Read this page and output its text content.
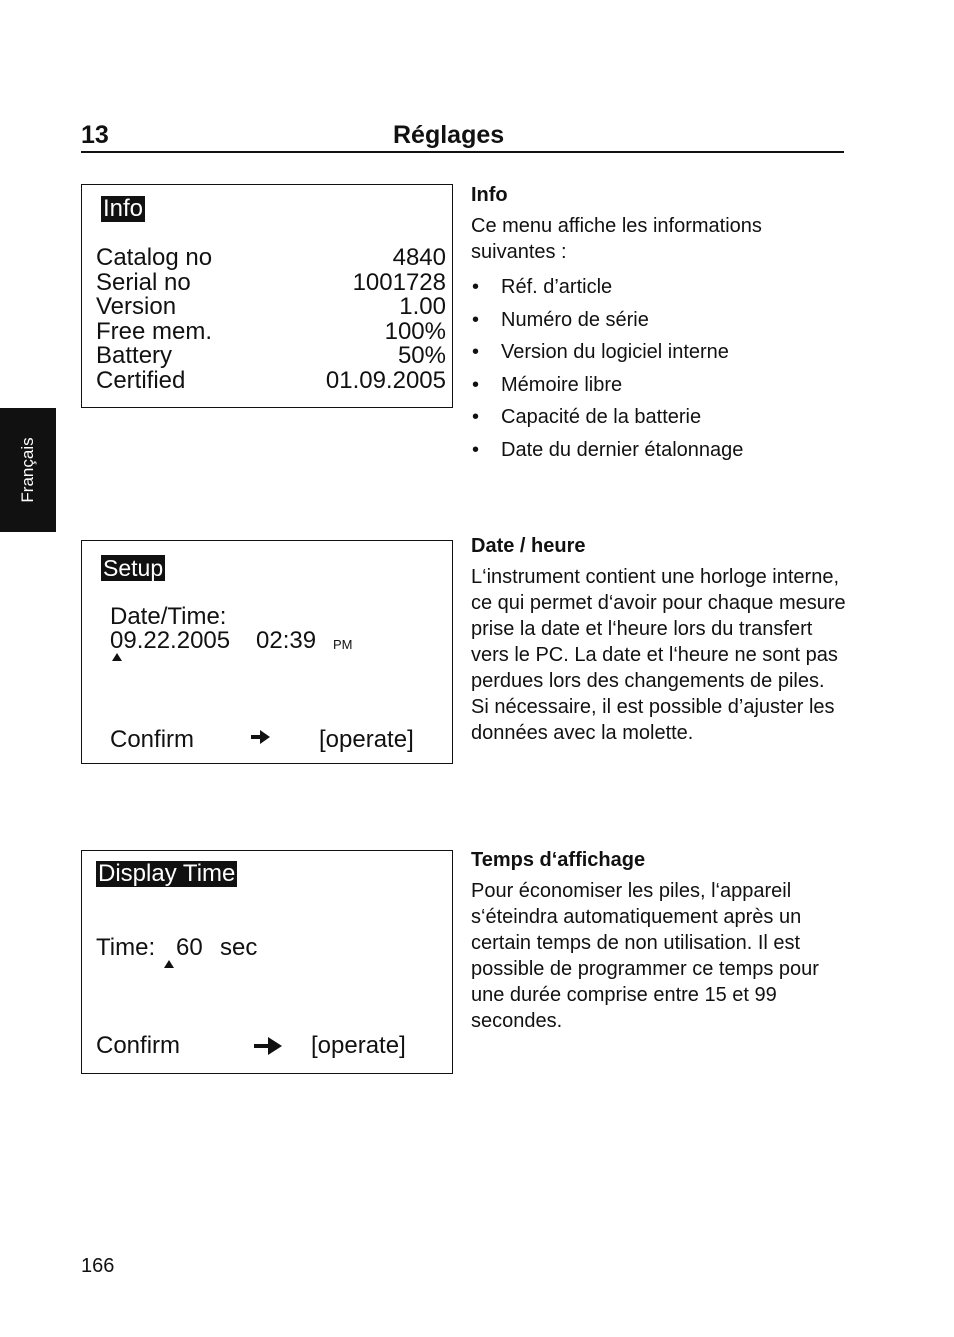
13	Réglages
Français
Info
Catalog no	4840
Serial no	1001728
Version	1.00
Free mem.	100%
Battery	50%
Certified	01.09.2005
Info
Ce menu affiche les informations suivantes :
• Réf. d’article
• Numéro de série
• Version du logiciel interne
• Mémoire libre
• Capacité de la batterie
• Date du dernier étalonnage
Setup
Date/Time:
09.22.2005 02:39 PM
Confirm	[operate]
Date / heure
L‘instrument contient une horloge interne, ce qui permet d‘avoir pour chaque mesure prise la date et l‘heure lors du transfert vers le PC. La date et l‘heure ne sont pas perdues lors des changements de piles. Si nécessaire, il est possible d’ajuster les données avec la molette.
Display Time
Time: 60 sec
Confirm	[operate]
Temps d‘affichage
Pour économiser les piles, l‘appareil s‘éteindra automatiquement après un certain temps de non utilisation. Il est possible de programmer ce temps pour une durée comprise entre 15 et 99 secondes.
166
